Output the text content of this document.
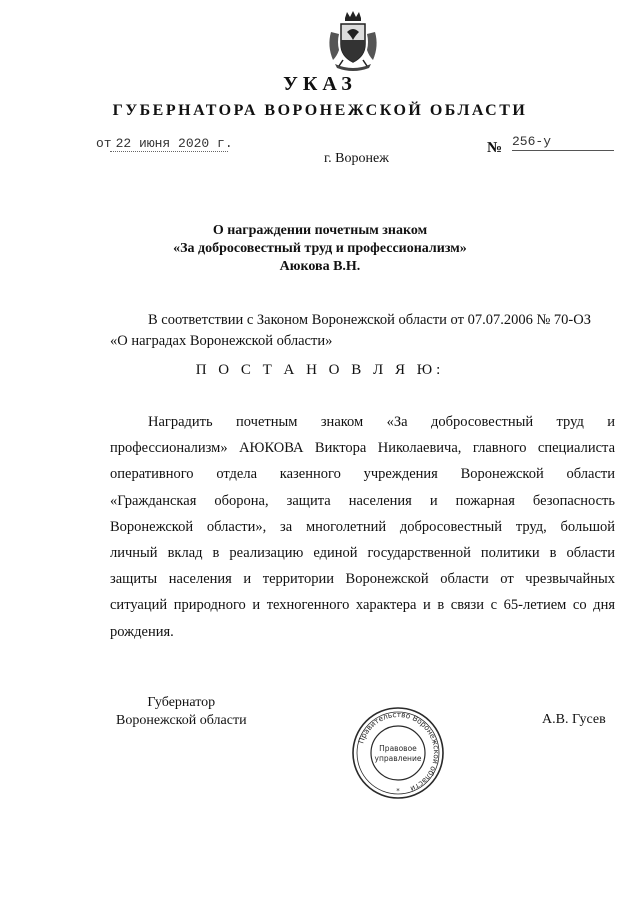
УКАЗ
ГУБЕРНАТОРА ВОРОНЕЖСКОЙ ОБЛАСТИ
от 22 июня 2020 г.	№ 256-у
г. Воронеж
О награждении почетным знаком
«За добросовестный труд и профессионализм»
Аюкова В.Н.
В соответствии с Законом Воронежской области от 07.07.2006 № 70-ОЗ
«О наградах Воронежской области»
П О С Т А Н О В Л Я Ю:
Наградить почетным знаком «За добросовестный труд и
профессионализм» АЮКОВА Виктора Николаевича, главного специалиста
оперативного отдела казенного учреждения Воронежской области
«Гражданская оборона, защита населения и пожарная безопасность
Воронежской области», за многолетний добросовестный труд, большой
личный вклад в реализацию единой государственной политики в области
защиты населения и территории Воронежской области от чрезвычайных
ситуаций природного и техногенного характера и в связи с 65-летием со дня
рождения.
Губернатор
Воронежской области	А.В. Гусев
Правительство Воронежской области
Правовое
управление
*
